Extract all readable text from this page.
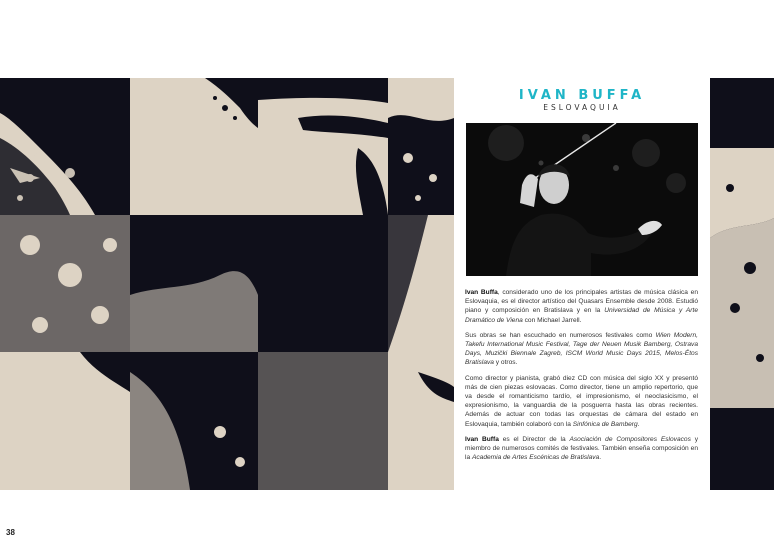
IVAN BUFFA
ESLOVAQUIA

Ivan Buffa, considerado uno de los principales artistas de música clásica en Eslovaquia, es el director artístico del Quasars Ensemble desde 2008. Estudió piano y composición en Bratislava y en la Universidad de Música y Arte Dramático de Viena con Michael Jarrell.

Sus obras se han escuchado en numerosos festivales como Wien Modern, Takefu International Music Festival, Tage der Neuen Musik Bamberg, Ostrava Days, Muzički Biennale Zagreb, ISCM World Music Days 2015, Melos-Étos Bratislava y otros.

Como director y pianista, grabó diez CD con música del siglo XX y presentó más de cien piezas eslovacas. Como director, tiene un amplio repertorio, que va desde el romanticismo tardío, el impresionismo, el neoclasicismo, el expresionismo, la vanguardia de la posguerra hasta las obras recientes. Además de actuar con todas las orquestas de cámara del estado en Eslovaquia, también colaboró con la Sinfónica de Bamberg.

Ivan Buffa es el Director de la Asociación de Compositores Eslovacos y miembro de numerosos comités de festivales. También enseña composición en la Academia de Artes Escénicas de Bratislava.

38
